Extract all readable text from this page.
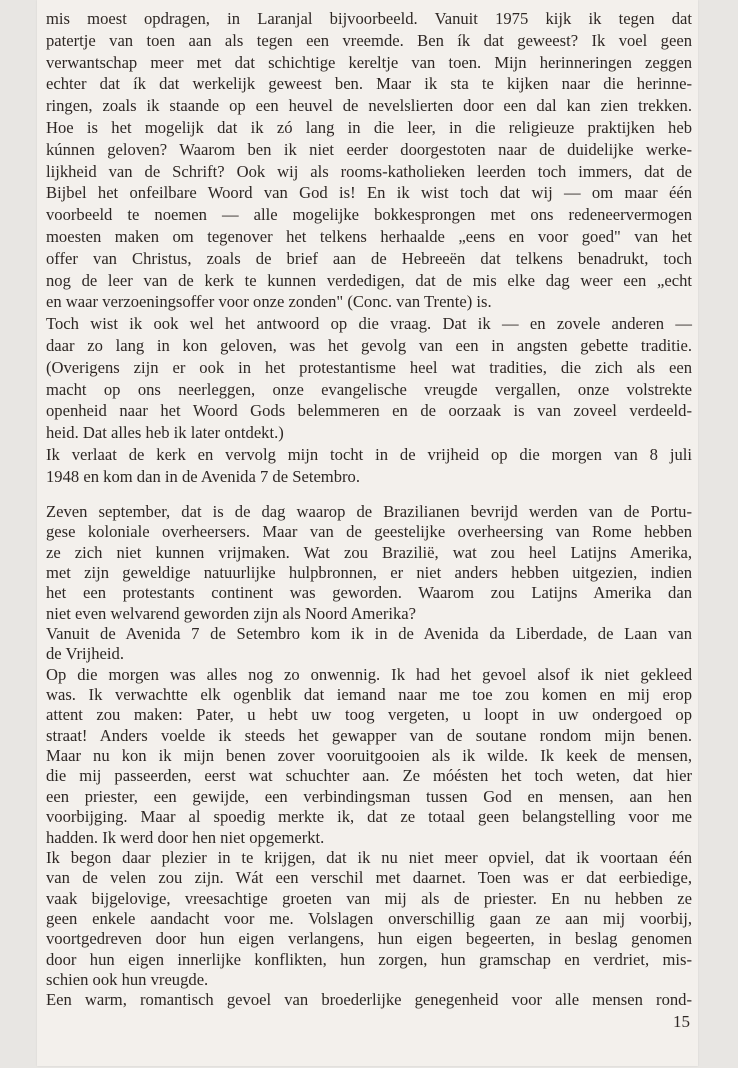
mis moest opdragen, in Laranjal bijvoorbeeld. Vanuit 1975 kijk ik tegen dat
patertje van toen aan als tegen een vreemde. Ben ík dat geweest? Ik voel geen
verwantschap meer met dat schichtige kereltje van toen. Mijn herinneringen zeggen
echter dat ík dat werkelijk geweest ben. Maar ik sta te kijken naar die herinne-
ringen, zoals ik staande op een heuvel de nevelslierten door een dal kan zien trekken.
Hoe is het mogelijk dat ik zó lang in die leer, in die religieuze praktijken heb
kúnnen geloven? Waarom ben ik niet eerder doorgestoten naar de duidelijke werke-
lijkheid van de Schrift? Ook wij als rooms-katholieken leerden toch immers, dat de
Bijbel het onfeilbare Woord van God is! En ik wist toch dat wij — om maar één
voorbeeld te noemen — alle mogelijke bokkesprongen met ons redeneervermogen
moesten maken om tegenover het telkens herhaalde „eens en voor goed" van het
offer van Christus, zoals de brief aan de Hebreeën dat telkens benadrukt, toch
nog de leer van de kerk te kunnen verdedigen, dat de mis elke dag weer een „echt
en waar verzoeningsoffer voor onze zonden" (Conc. van Trente) is.
Toch wist ik ook wel het antwoord op die vraag. Dat ik — en zovele anderen —
daar zo lang in kon geloven, was het gevolg van een in angsten gebette traditie.
(Overigens zijn er ook in het protestantisme heel wat tradities, die zich als een
macht op ons neerleggen, onze evangelische vreugde vergallen, onze volstrekte
openheid naar het Woord Gods belemmeren en de oorzaak is van zoveel verdeeld-
heid. Dat alles heb ik later ontdekt.)
Ik verlaat de kerk en vervolg mijn tocht in de vrijheid op die morgen van 8 juli
1948 en kom dan in de Avenida 7 de Setembro.
Zeven september, dat is de dag waarop de Brazilianen bevrijd werden van de Portu-
gese koloniale overheersers. Maar van de geestelijke overheersing van Rome hebben
ze zich niet kunnen vrijmaken. Wat zou Brazilië, wat zou heel Latijns Amerika,
met zijn geweldige natuurlijke hulpbronnen, er niet anders hebben uitgezien, indien
het een protestants continent was geworden. Waarom zou Latijns Amerika dan
niet even welvarend geworden zijn als Noord Amerika?
Vanuit de Avenida 7 de Setembro kom ik in de Avenida da Liberdade, de Laan van
de Vrijheid.
Op die morgen was alles nog zo onwennig. Ik had het gevoel alsof ik niet gekleed
was. Ik verwachtte elk ogenblik dat iemand naar me toe zou komen en mij erop
attent zou maken: Pater, u hebt uw toog vergeten, u loopt in uw ondergoed op
straat! Anders voelde ik steeds het gewapper van de soutane rondom mijn benen.
Maar nu kon ik mijn benen zover vooruitgooien als ik wilde. Ik keek de mensen,
die mij passeerden, eerst wat schuchter aan. Ze móésten het toch weten, dat hier
een priester, een gewijde, een verbindingsman tussen God en mensen, aan hen
voorbijging. Maar al spoedig merkte ik, dat ze totaal geen belangstelling voor me
hadden. Ik werd door hen niet opgemerkt.
Ik begon daar plezier in te krijgen, dat ik nu niet meer opviel, dat ik voortaan één
van de velen zou zijn. Wát een verschil met daarnet. Toen was er dat eerbiedige,
vaak bijgelovige, vreesachtige groeten van mij als de priester. En nu hebben ze
geen enkele aandacht voor me. Volslagen onverschillig gaan ze aan mij voorbij,
voortgedreven door hun eigen verlangens, hun eigen begeerten, in beslag genomen
door hun eigen innerlijke konflikten, hun zorgen, hun gramschap en verdriet, mis-
schien ook hun vreugde.
Een warm, romantisch gevoel van broederlijke genegenheid voor alle mensen rond-
15
